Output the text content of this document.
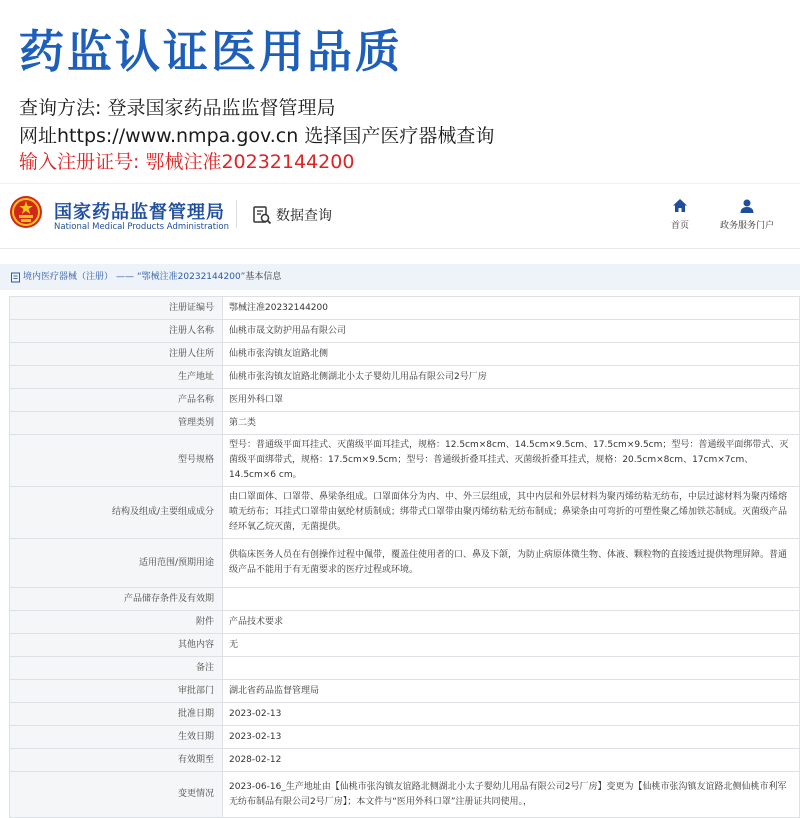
药监认证医用品质
查询方法: 登录国家药品监监督管理局
网址https://www.nmpa.gov.cn 选择国产医疗器械查询
输入注册证号: 鄂械注准20232144200
国家药品监督管理局
National Medical Products Administration
数据查询
首页	政务服务门户
境内医疗器械（注册） —— “鄂械注准20232144200” 基本信息
注册证编号	鄂械注准20232144200
注册人名称	仙桃市晟文防护用品有限公司
注册人住所	仙桃市张沟镇友谊路北侧
生产地址	仙桃市张沟镇友谊路北侧湖北小太子婴幼儿用品有限公司2号厂房
产品名称	医用外科口罩
管理类别	第二类
型号规格	型号：普通级平面耳挂式、灭菌级平面耳挂式，规格：12.5cm×8cm、14.5cm×9.5cm、17.5cm×9.5cm；型号：普通级平面绑带式、灭菌级平面绑带式，规格：17.5cm×9.5cm；型号：普通级折叠耳挂式、灭菌级折叠耳挂式，规格：20.5cm×8cm、17cm×7cm、14.5cm×6 cm。
结构及组成/主要组成成分	由口罩面体、口罩带、鼻梁条组成。口罩面体分为内、中、外三层组成，其中内层和外层材料为聚丙烯纺粘无纺布，中层过滤材料为聚丙烯熔喷无纺布；耳挂式口罩带由氨纶材质制成；绑带式口罩带由聚丙烯纺粘无纺布制成；鼻梁条由可弯折的可塑性聚乙烯加铁芯制成。灭菌级产品经环氧乙烷灭菌，无菌提供。
适用范围/预期用途	供临床医务人员在有创操作过程中佩带，覆盖住使用者的口、鼻及下颌，为防止病原体微生物、体液、颗粒物的直接透过提供物理屏障。普通级产品不能用于有无菌要求的医疗过程或环境。
产品储存条件及有效期	
附件	产品技术要求
其他内容	无
备注	
审批部门	湖北省药品监督管理局
批准日期	2023-02-13
生效日期	2023-02-13
有效期至	2028-02-12
变更情况	2023-06-16_生产地址由【仙桃市张沟镇友谊路北侧湖北小太子婴幼儿用品有限公司2号厂房】变更为【仙桃市张沟镇友谊路北侧仙桃市利军无纺布制品有限公司2号厂房】；本文件与“医用外科口罩”注册证共同使用。，
